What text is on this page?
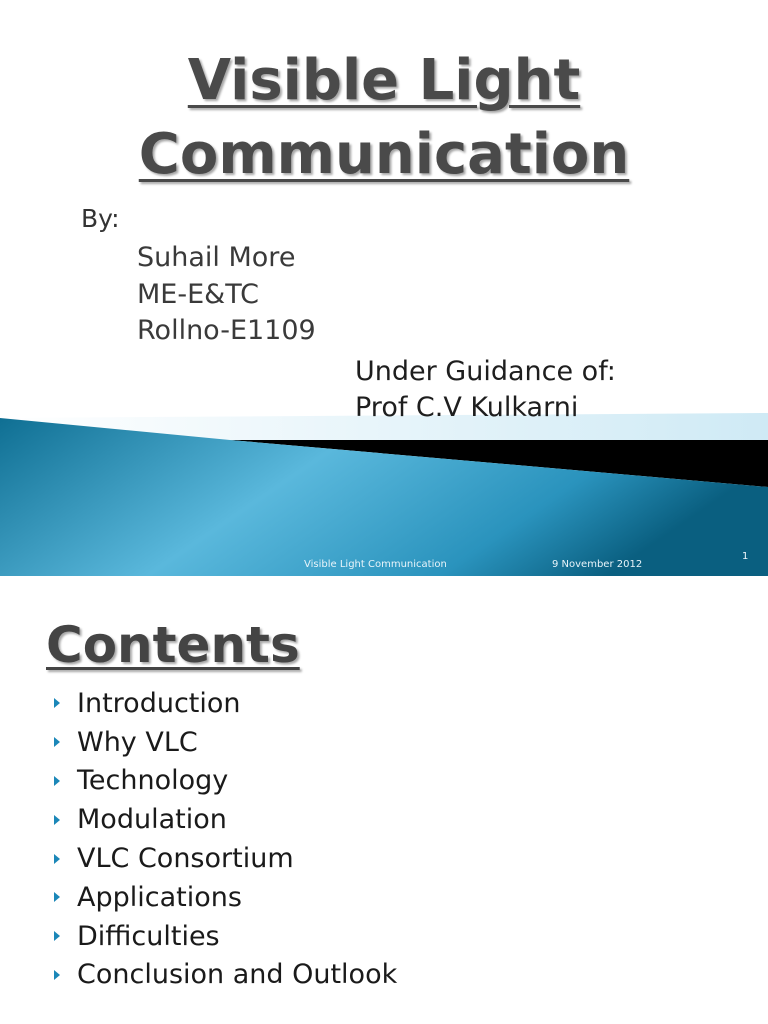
Visible Light
Communication
By:
Suhail More
ME-E&TC
Rollno-E1109
Under Guidance of:
Prof C.V Kulkarni
Visible Light Communication	9 November 2012
1
Contents
Introduction
Why VLC
Technology
Modulation
VLC Consortium
Applications
Difficulties
Conclusion and Outlook
